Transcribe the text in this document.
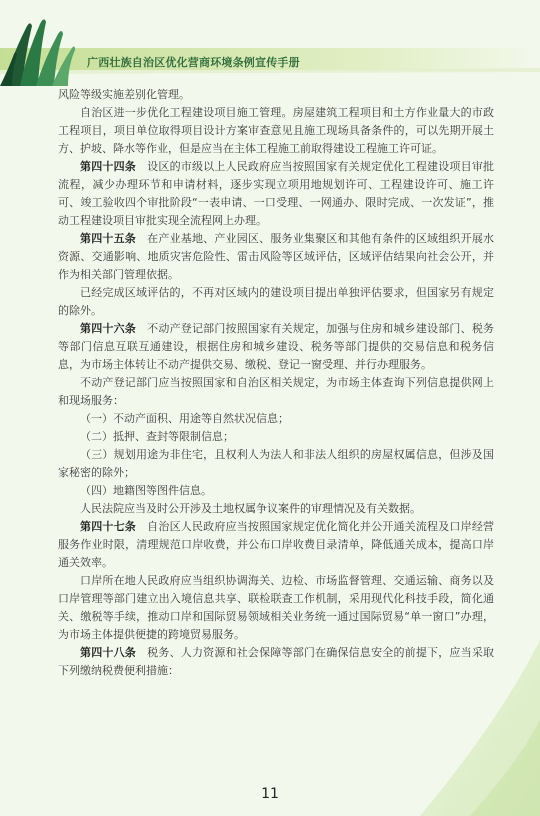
广西壮族自治区优化营商环境条例宣传手册

风险等级实施差别化管理。

自治区进一步优化工程建设项目施工管理。房屋建筑工程项目和土方作业量大的市政工程项目，项目单位取得项目设计方案审查意见且施工现场具备条件的，可以先期开展土方、护坡、降水等作业，但是应当在主体工程施工前取得建设工程施工许可证。

第四十四条　设区的市级以上人民政府应当按照国家有关规定优化工程建设项目审批流程，减少办理环节和申请材料，逐步实现立项用地规划许可、工程建设许可、施工许可、竣工验收四个审批阶段“一表申请、一口受理、一网通办、限时完成、一次发证”，推动工程建设项目审批实现全流程网上办理。

第四十五条　在产业基地、产业园区、服务业集聚区和其他有条件的区域组织开展水资源、交通影响、地质灾害危险性、雷击风险等区域评估，区域评估结果向社会公开，并作为相关部门管理依据。

已经完成区域评估的，不再对区域内的建设项目提出单独评估要求，但国家另有规定的除外。

第四十六条　不动产登记部门按照国家有关规定，加强与住房和城乡建设部门、税务等部门信息互联互通建设，根据住房和城乡建设、税务等部门提供的交易信息和税务信息，为市场主体转让不动产提供交易、缴税、登记一窗受理、并行办理服务。

不动产登记部门应当按照国家和自治区相关规定，为市场主体查询下列信息提供网上和现场服务：

（一）不动产面积、用途等自然状况信息；

（二）抵押、查封等限制信息；

（三）规划用途为非住宅，且权利人为法人和非法人组织的房屋权属信息，但涉及国家秘密的除外；

（四）地籍图等图件信息。

人民法院应当及时公开涉及土地权属争议案件的审理情况及有关数据。

第四十七条　自治区人民政府应当按照国家规定优化简化并公开通关流程及口岸经营服务作业时限，清理规范口岸收费，并公布口岸收费目录清单，降低通关成本，提高口岸通关效率。

口岸所在地人民政府应当组织协调海关、边检、市场监督管理、交通运输、商务以及口岸管理等部门建立出入境信息共享、联检联查工作机制，采用现代化科技手段，简化通关、缴税等手续，推动口岸和国际贸易领域相关业务统一通过国际贸易“单一窗口”办理，为市场主体提供便捷的跨境贸易服务。

第四十八条　税务、人力资源和社会保障等部门在确保信息安全的前提下，应当采取下列缴纳税费便利措施：

11
